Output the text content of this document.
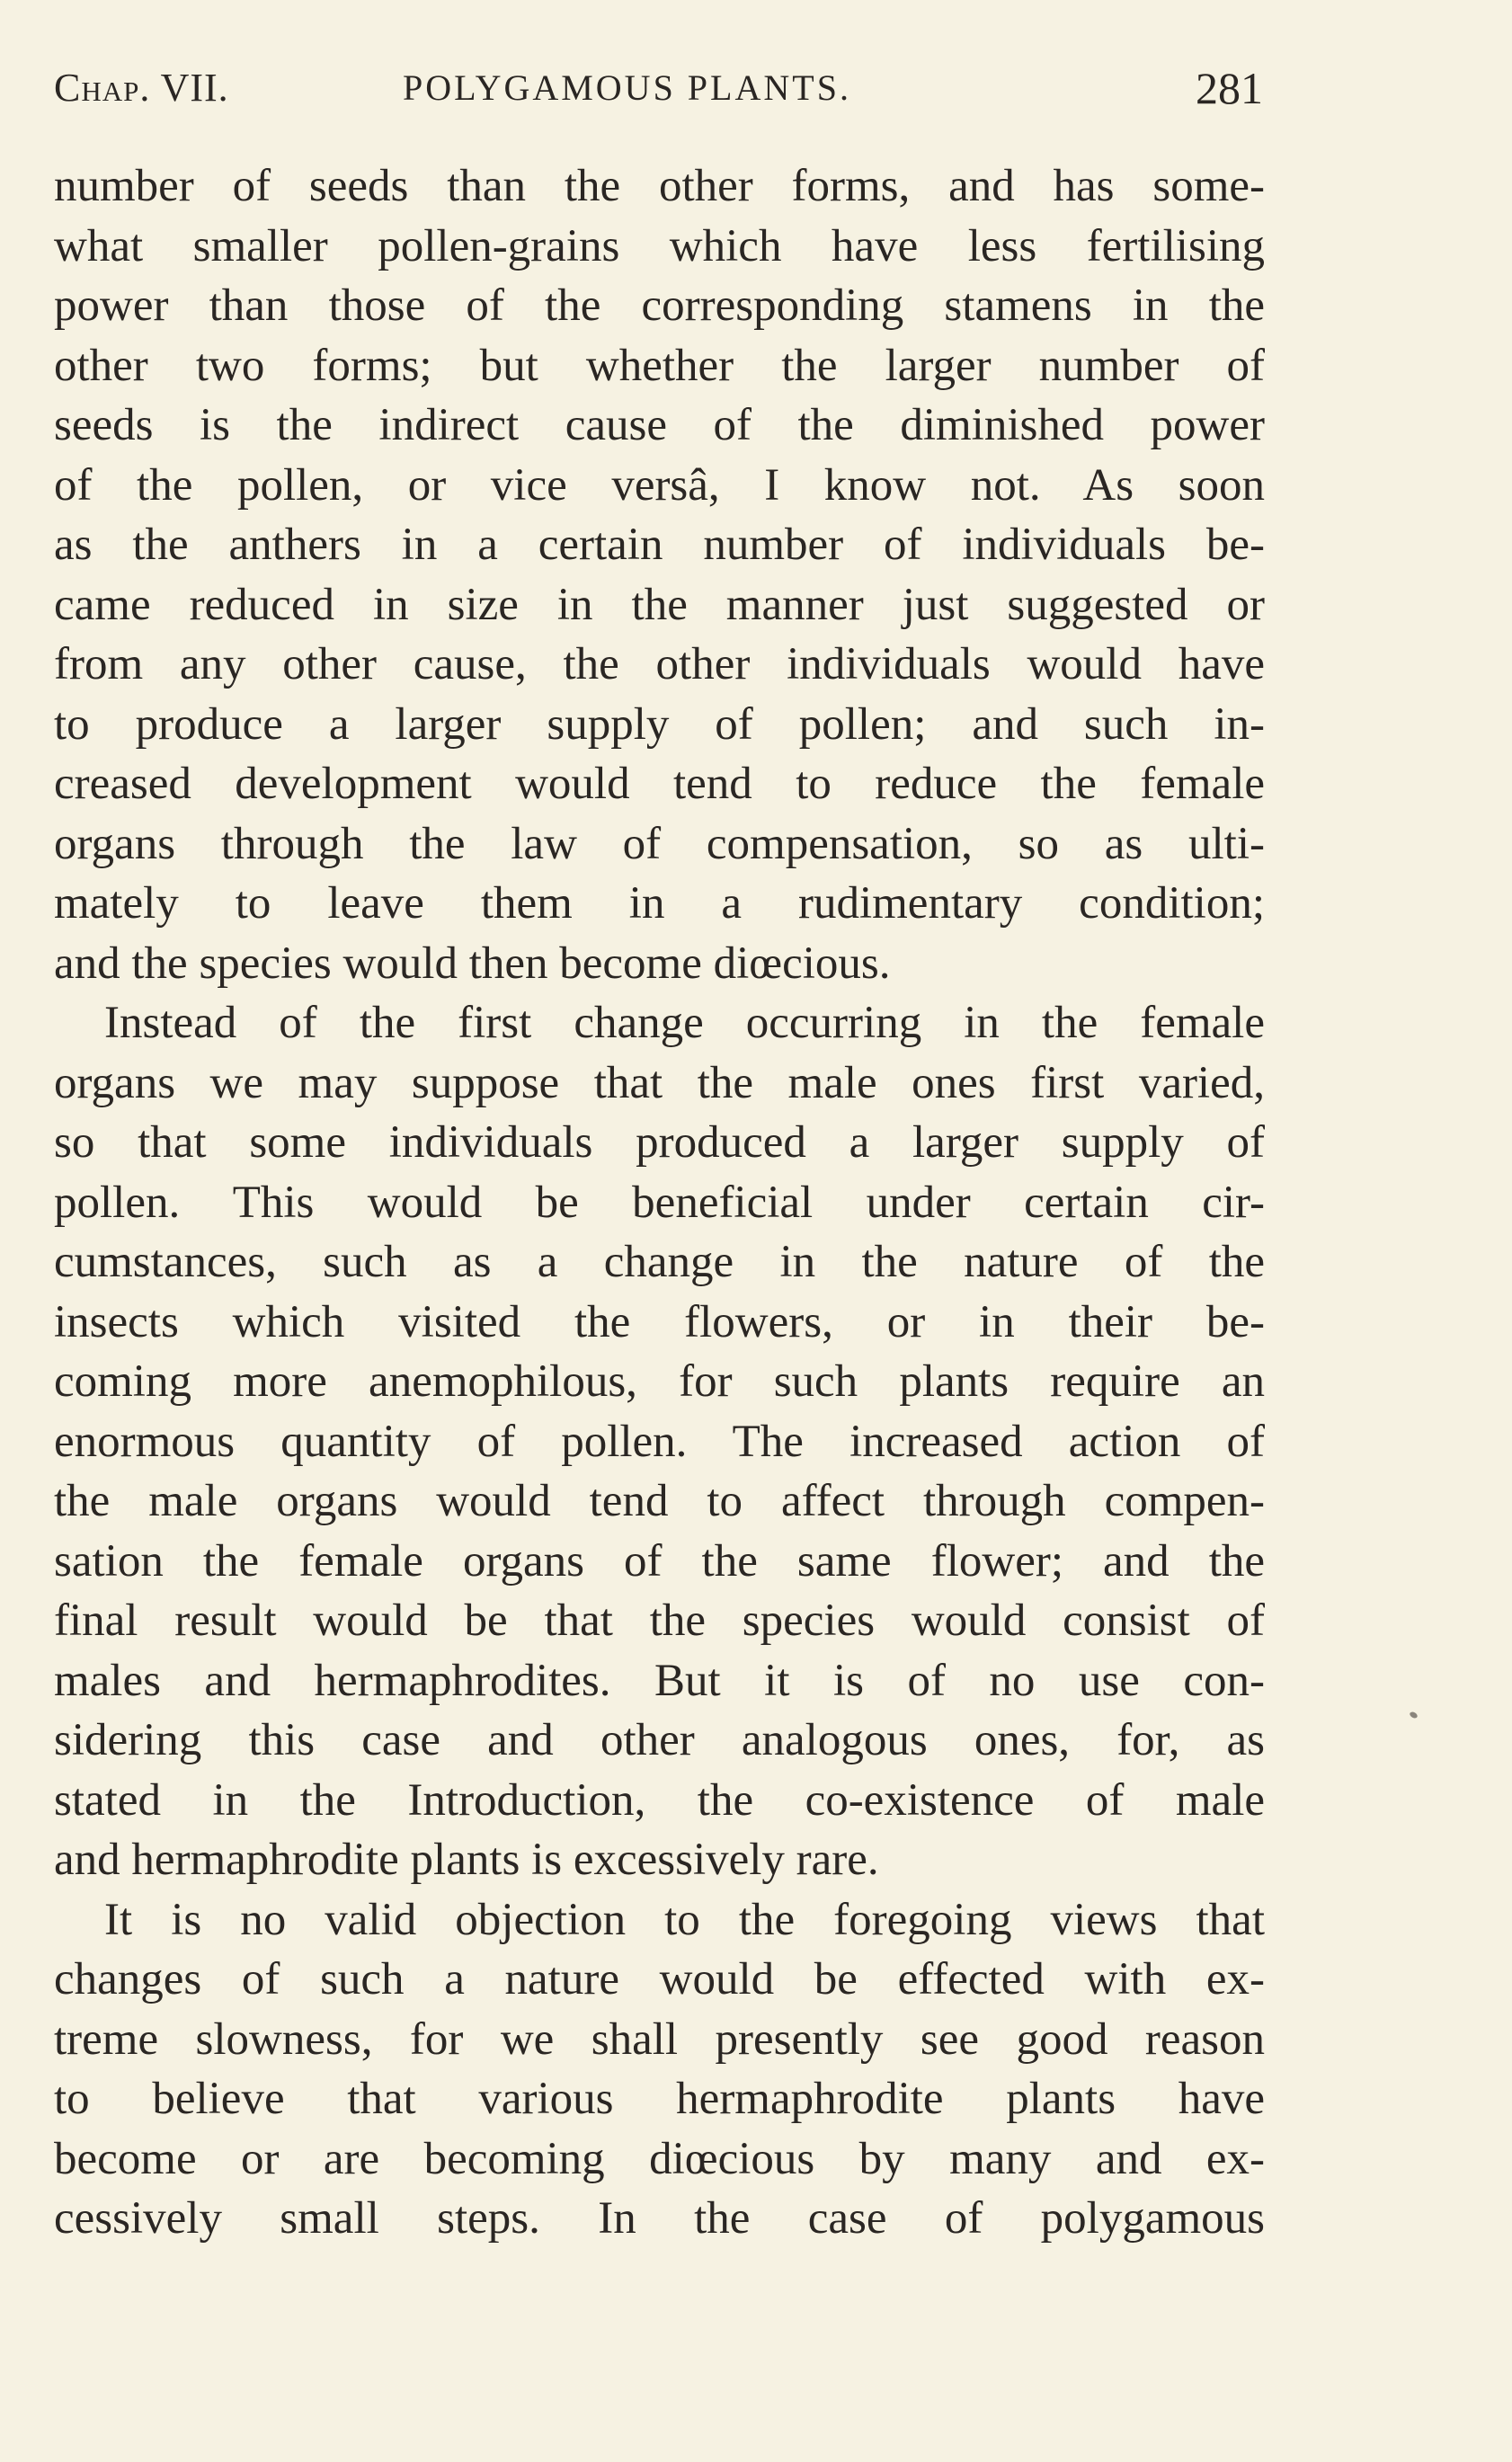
Chap. VII.	POLYGAMOUS PLANTS.	281
number of seeds than the other forms, and has some-
what smaller pollen-grains which have less fertilising
power than those of the corresponding stamens in the
other two forms; but whether the larger number of
seeds is the indirect cause of the diminished power
of the pollen, or vice versâ, I know not. As soon
as the anthers in a certain number of individuals be-
came reduced in size in the manner just suggested or
from any other cause, the other individuals would have
to produce a larger supply of pollen; and such in-
creased development would tend to reduce the female
organs through the law of compensation, so as ulti-
mately to leave them in a rudimentary condition;
and the species would then become diœcious.
Instead of the first change occurring in the female
organs we may suppose that the male ones first varied,
so that some individuals produced a larger supply of
pollen. This would be beneficial under certain cir-
cumstances, such as a change in the nature of the
insects which visited the flowers, or in their be-
coming more anemophilous, for such plants require an
enormous quantity of pollen. The increased action of
the male organs would tend to affect through compen-
sation the female organs of the same flower; and the
final result would be that the species would consist of
males and hermaphrodites. But it is of no use con-
sidering this case and other analogous ones, for, as
stated in the Introduction, the co-existence of male
and hermaphrodite plants is excessively rare.
It is no valid objection to the foregoing views that
changes of such a nature would be effected with ex-
treme slowness, for we shall presently see good reason
to believe that various hermaphrodite plants have
become or are becoming diœcious by many and ex-
cessively small steps. In the case of polygamous
